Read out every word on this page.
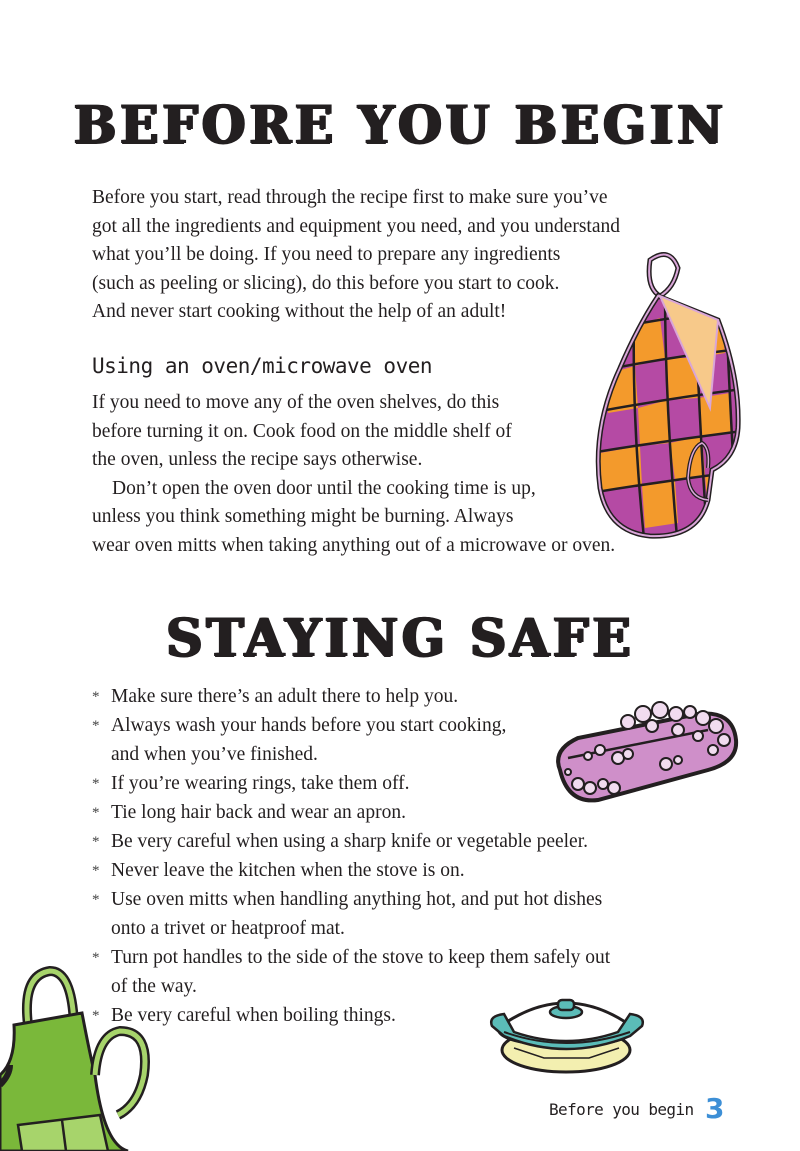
BEFORE YOU BEGIN
Before you start, read through the recipe first to make sure you’ve
got all the ingredients and equipment you need, and you understand
what you’ll be doing. If you need to prepare any ingredients
(such as peeling or slicing), do this before you start to cook.
And never start cooking without the help of an adult!
Using an oven/microwave oven
If you need to move any of the oven shelves, do this
before turning it on. Cook food on the middle shelf of
the oven, unless the recipe says otherwise.
Don’t open the oven door until the cooking time is up,
unless you think something might be burning. Always
wear oven mitts when taking anything out of a microwave or oven.
STAYING SAFE
* Make sure there’s an adult there to help you.
* Always wash your hands before you start cooking,
and when you’ve finished.
* If you’re wearing rings, take them off.
* Tie long hair back and wear an apron.
* Be very careful when using a sharp knife or vegetable peeler.
* Never leave the kitchen when the stove is on.
* Use oven mitts when handling anything hot, and put hot dishes
onto a trivet or heatproof mat.
* Turn pot handles to the side of the stove to keep them safely out
of the way.
* Be very careful when boiling things.
Before you begin 3
